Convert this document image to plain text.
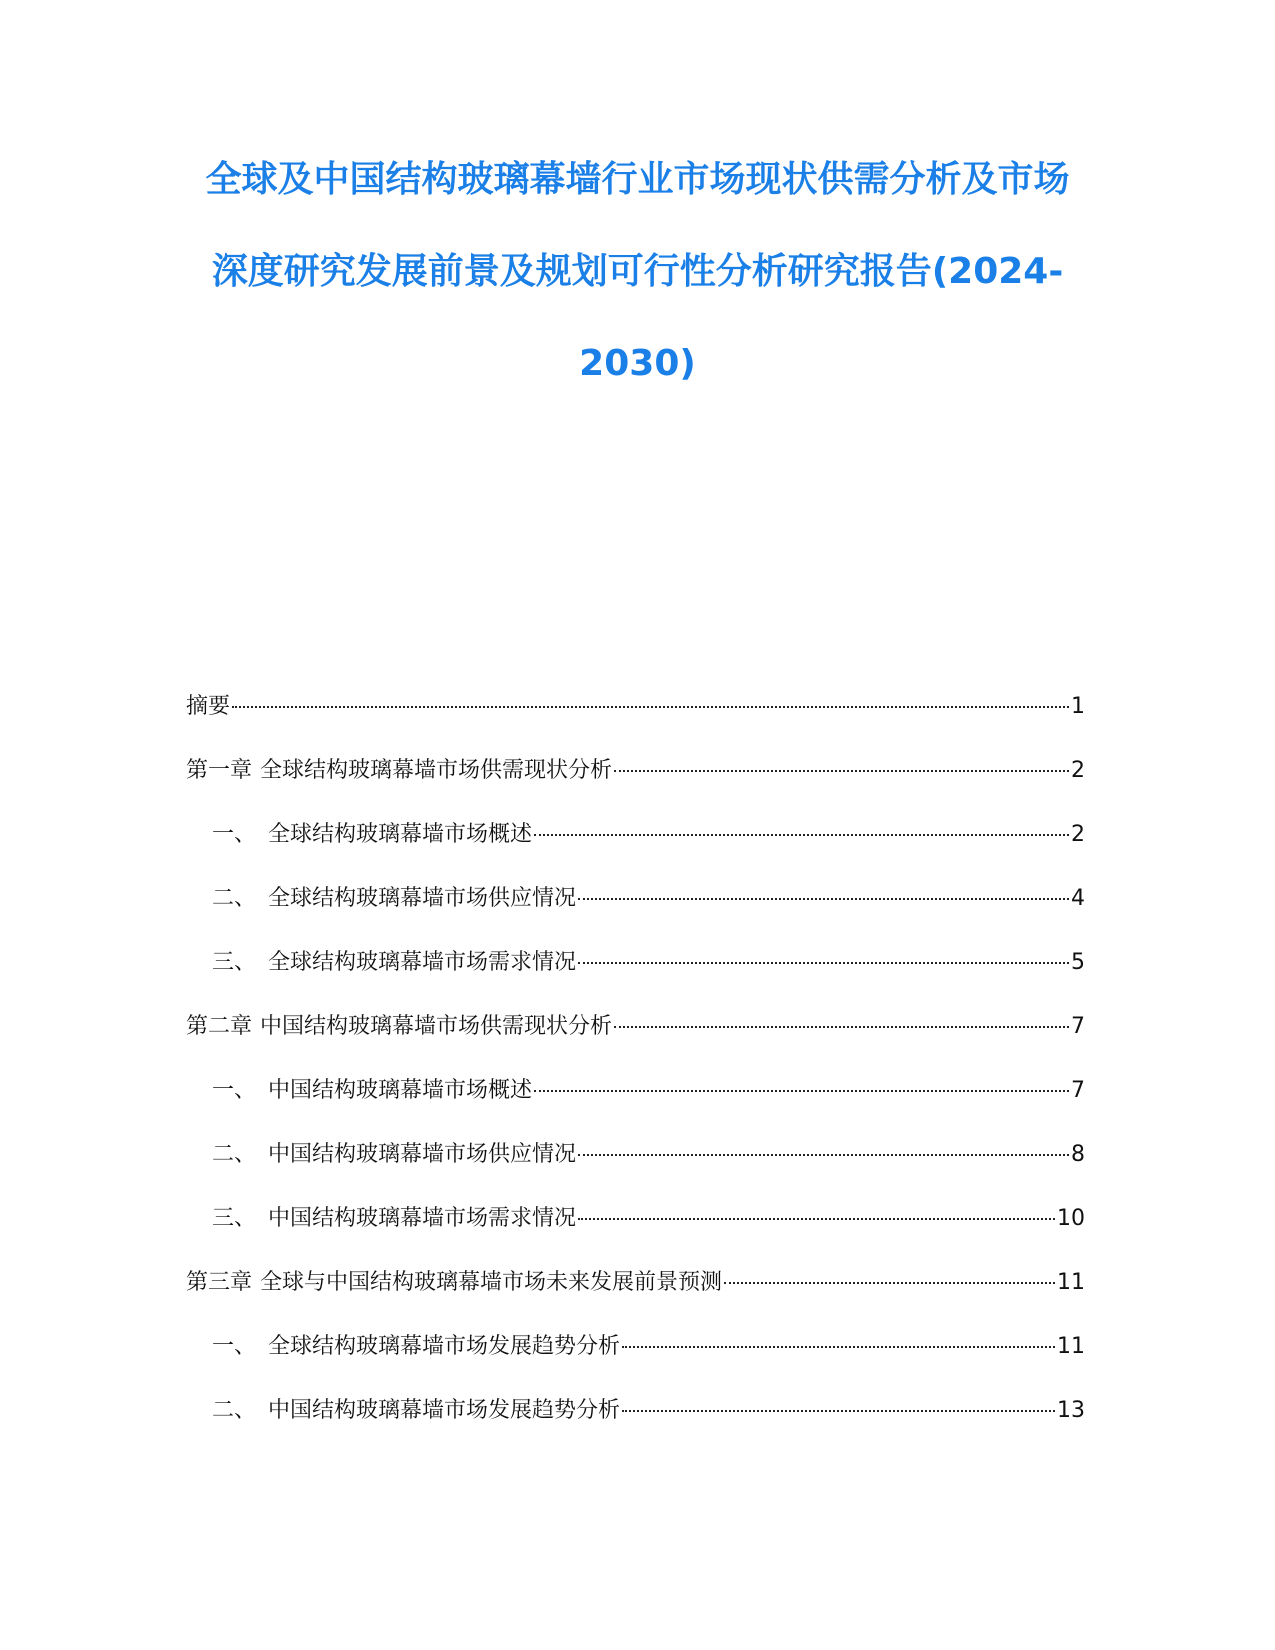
全球及中国结构玻璃幕墙行业市场现状供需分析及市场
深度研究发展前景及规划可行性分析研究报告(2024-
2030)
摘要	1
第一章 全球结构玻璃幕墙市场供需现状分析	2
一、 全球结构玻璃幕墙市场概述	2
二、 全球结构玻璃幕墙市场供应情况	4
三、 全球结构玻璃幕墙市场需求情况	5
第二章 中国结构玻璃幕墙市场供需现状分析	7
一、 中国结构玻璃幕墙市场概述	7
二、 中国结构玻璃幕墙市场供应情况	8
三、 中国结构玻璃幕墙市场需求情况	10
第三章 全球与中国结构玻璃幕墙市场未来发展前景预测	11
一、 全球结构玻璃幕墙市场发展趋势分析	11
二、 中国结构玻璃幕墙市场发展趋势分析	13
